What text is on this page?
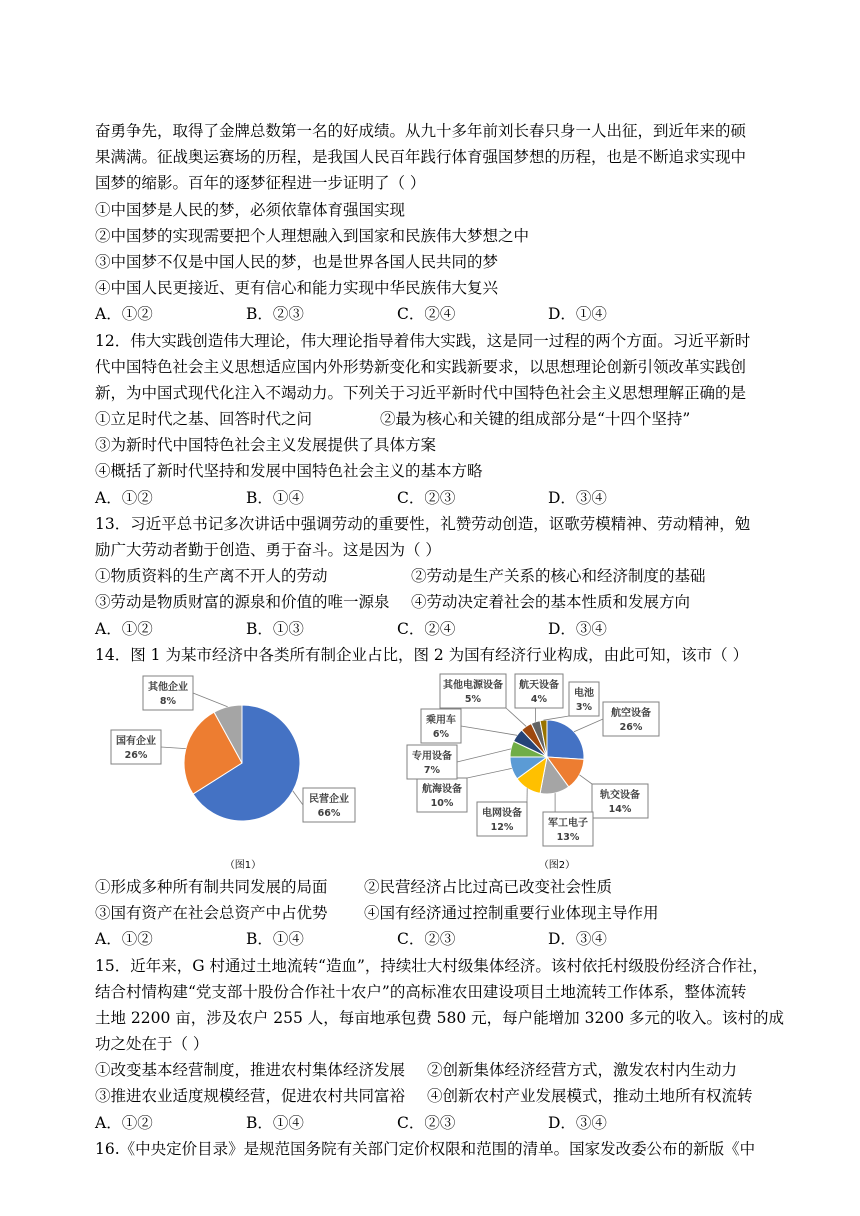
奋勇争先，取得了金牌总数第一名的好成绩。从九十多年前刘长春只身一人出征，到近年来的硕
果满满。征战奥运赛场的历程，是我国人民百年践行体育强国梦想的历程，也是不断追求实现中
国梦的缩影。百年的逐梦征程进一步证明了（ ）
①中国梦是人民的梦，必须依靠体育强国实现
②中国梦的实现需要把个人理想融入到国家和民族伟大梦想之中
③中国梦不仅是中国人民的梦，也是世界各国人民共同的梦
④中国人民更接近、更有信心和能力实现中华民族伟大复兴
A．①②	B．②③	C．②④	D．①④
12．伟大实践创造伟大理论，伟大理论指导着伟大实践，这是同一过程的两个方面。习近平新时
代中国特色社会主义思想适应国内外形势新变化和实践新要求，以思想理论创新引领改革实践创
新，为中国式现代化注入不竭动力。下列关于习近平新时代中国特色社会主义思想理解正确的是
①立足时代之基、回答时代之问	②最为核心和关键的组成部分是“十四个坚持”
③为新时代中国特色社会主义发展提供了具体方案
④概括了新时代坚持和发展中国特色社会主义的基本方略
A．①②	B．①④	C．②③	D．③④
13．习近平总书记多次讲话中强调劳动的重要性，礼赞劳动创造，讴歌劳模精神、劳动精神，勉
励广大劳动者勤于创造、勇于奋斗。这是因为（ ）
①物质资料的生产离不开人的劳动	②劳动是生产关系的核心和经济制度的基础
③劳动是物质财富的源泉和价值的唯一源泉 ④劳动决定着社会的基本性质和发展方向
A．①②	B．①③	C．②④	D．③④
14．图 1 为某市经济中各类所有制企业占比，图 2 为国有经济行业构成，由此可知，该市（ ）
民营企业
66%
国有企业
26%
其他企业
8%
航空设备
26%
轨交设备
14%
军工电子
13%
电网设备
12%
航海设备
10%
专用设备
7%
乘用车
6%
其他电源设备
5%
航天设备
4%
电池
3%
（图1）	（图2）
①形成多种所有制共同发展的局面 ②民营经济占比过高已改变社会性质
③国有资产在社会总资产中占优势 ④国有经济通过控制重要行业体现主导作用
A．①②	B．①④	C．②③	D．③④
15．近年来，G 村通过土地流转“造血”，持续壮大村级集体经济。该村依托村级股份经济合作社，
结合村情构建“党支部十股份合作社十农户”的高标准农田建设项目土地流转工作体系，整体流转
土地 2200 亩，涉及农户 255 人，每亩地承包费 580 元，每户能增加 3200 多元的收入。该村的成
功之处在于（ ）
①改变基本经营制度，推进农村集体经济发展 ②创新集体经济经营方式，激发农村内生动力
③推进农业适度规模经营，促进农村共同富裕 ④创新农村产业发展模式，推动土地所有权流转
A．①②	B．①④	C．②③	D．③④
16.《中央定价目录》是规范国务院有关部门定价权限和范围的清单。国家发改委公布的新版《中
